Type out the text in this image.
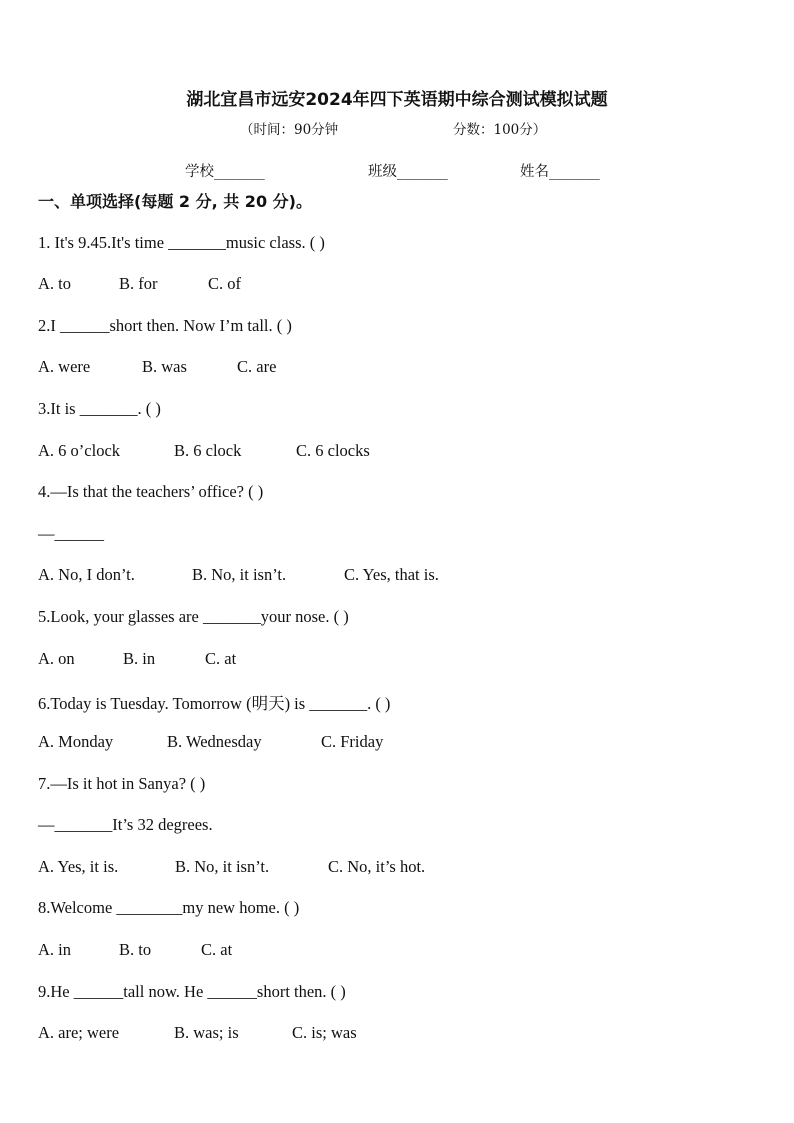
湖北宜昌市远安2024年四下英语期中综合测试模拟试题
（时间：90分钟	分数：100分）
学校_______	班级_______	姓名_______
一、单项选择(每题 2 分, 共 20 分)。
1. It's 9.45.It's time _______music class. ( )
A. to	B. for	C. of
2.I ______short then. Now I’m tall. ( )
A. were	B. was	C. are
3.It is _______. ( )
A. 6 o’clock	B. 6 clock	C. 6 clocks
4.—Is that the teachers’ office? ( )
—______
A. No, I don’t.	B. No, it isn’t.	C. Yes, that is.
5.Look, your glasses are _______your nose. ( )
A. on	B. in	C. at
6.Today is Tuesday. Tomorrow (明天) is _______. ( )
A. Monday	B. Wednesday	C. Friday
7.—Is it hot in Sanya? ( )
—_______It’s 32 degrees.
A. Yes, it is.	B. No, it isn’t.	C. No, it’s hot.
8.Welcome ________my new home. ( )
A. in	B. to	C. at
9.He ______tall now. He ______short then. ( )
A. are; were	B. was; is	C. is; was
